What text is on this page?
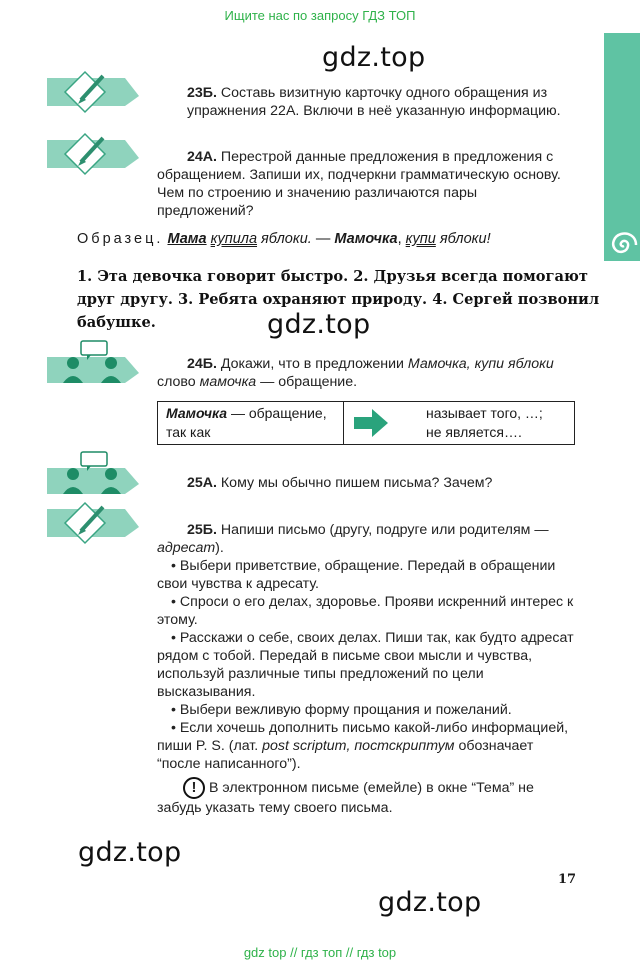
Ищите нас по запросу ГДЗ ТОП
gdz.top
gdz.top
gdz.top
gdz.top
23Б. Составь визитную карточку одного обращения из упражнения 22А. Включи в неё указанную информацию.
24А. Перестрой данные предложения в предложения с обращением. Запиши их, подчеркни грамматическую основу. Чем по строению и значению различаются пары предложений?
Образец. Мама купила яблоки. — Мамочка, купи яблоки!
1. Эта девочка говорит быстро. 2. Друзья всегда помогают друг другу. 3. Ребята охраняют природу. 4. Сергей позвонил бабушке.
24Б. Докажи, что в предложении Мамочка, купи яблоки слово мамочка — обращение.
Мамочка — обращение, так как
называет того, …;
не является….
25А. Кому мы обычно пишем письма? Зачем?
25Б. Напиши письмо (другу, подруге или родителям — адресат).
• Выбери приветствие, обращение. Передай в обращении свои чувства к адресату.
• Спроси о его делах, здоровье. Прояви искренний интерес к этому.
• Расскажи о себе, своих делах. Пиши так, как будто адресат рядом с тобой. Передай в письме свои мысли и чувства, используй различные типы предложений по цели высказывания.
• Выбери вежливую форму прощания и пожеланий.
• Если хочешь дополнить письмо какой-либо информацией, пиши P. S. (лат. post scriptum, постскриптум обозначает “после написанного”).
! В электронном письме (емейле) в окне “Тема” не забудь указать тему своего письма.
17
gdz top // гдз топ // гдз top
